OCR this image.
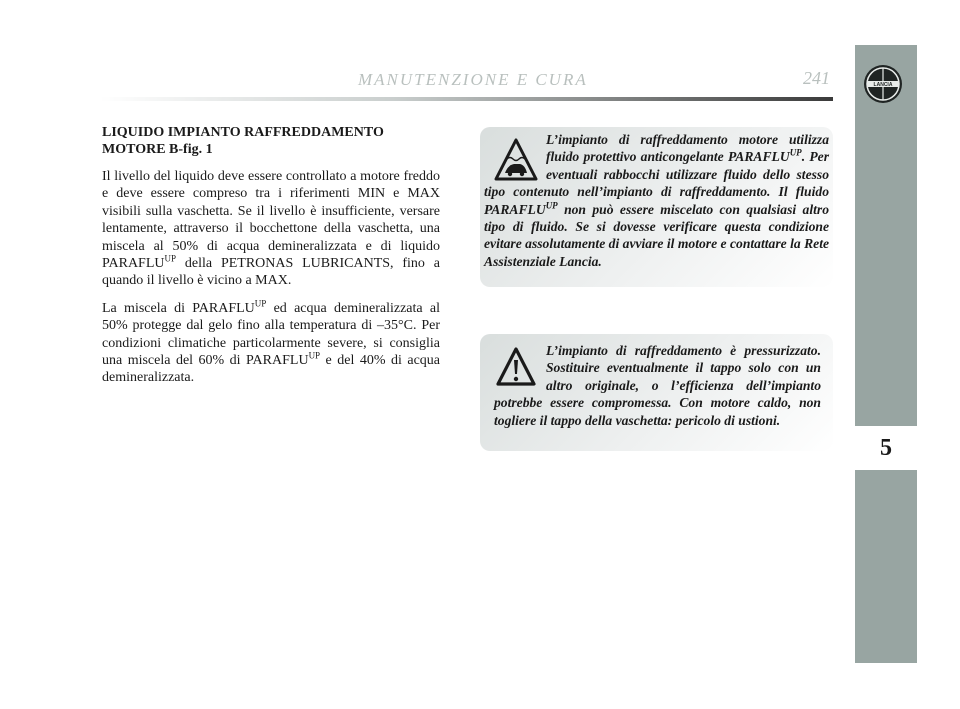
MANUTENZIONE E CURA	241	LANCIA
5
LIQUIDO IMPIANTO RAFFREDDAMENTO
MOTORE B-fig. 1

Il livello del liquido deve essere controllato a motore freddo e deve essere compreso tra i riferimenti MIN e MAX visibili sulla vaschetta. Se il livello è insufficiente, versare lentamente, attraverso il bocchettone della vaschetta, una miscela al 50% di acqua demineralizzata e di liquido $PARAFLU^{UP}$ della PETRONAS LUBRICANTS, fino a quando il livello è vicino a MAX.

La miscela di $PARAFLU^{UP}$ ed acqua demineralizzata al 50% protegge dal gelo fino alla temperatura di –35°C. Per condizioni climatiche particolarmente severe, si consiglia una miscela del 60% di $PARAFLU^{UP}$ e del 40% di acqua demineralizzata.

L’impianto di raffreddamento motore utilizza fluido protettivo anticongelante $PARAFLU^{UP}$. Per eventuali rabbocchi utilizzare fluido dello stesso tipo contenuto nell’impianto di raffreddamento. Il fluido $PARAFLU^{UP}$ non può essere miscelato con qualsiasi altro tipo di fluido. Se si dovesse verificare questa condizione evitare assolutamente di avviare il motore e contattare la Rete Assistenziale Lancia.
L’impianto di raffreddamento è pressurizzato. Sostituire eventualmente il tappo solo con un altro originale, o l’efficienza dell’impianto potrebbe essere compromessa. Con motore caldo, non togliere il tappo della vaschetta: pericolo di ustioni.
